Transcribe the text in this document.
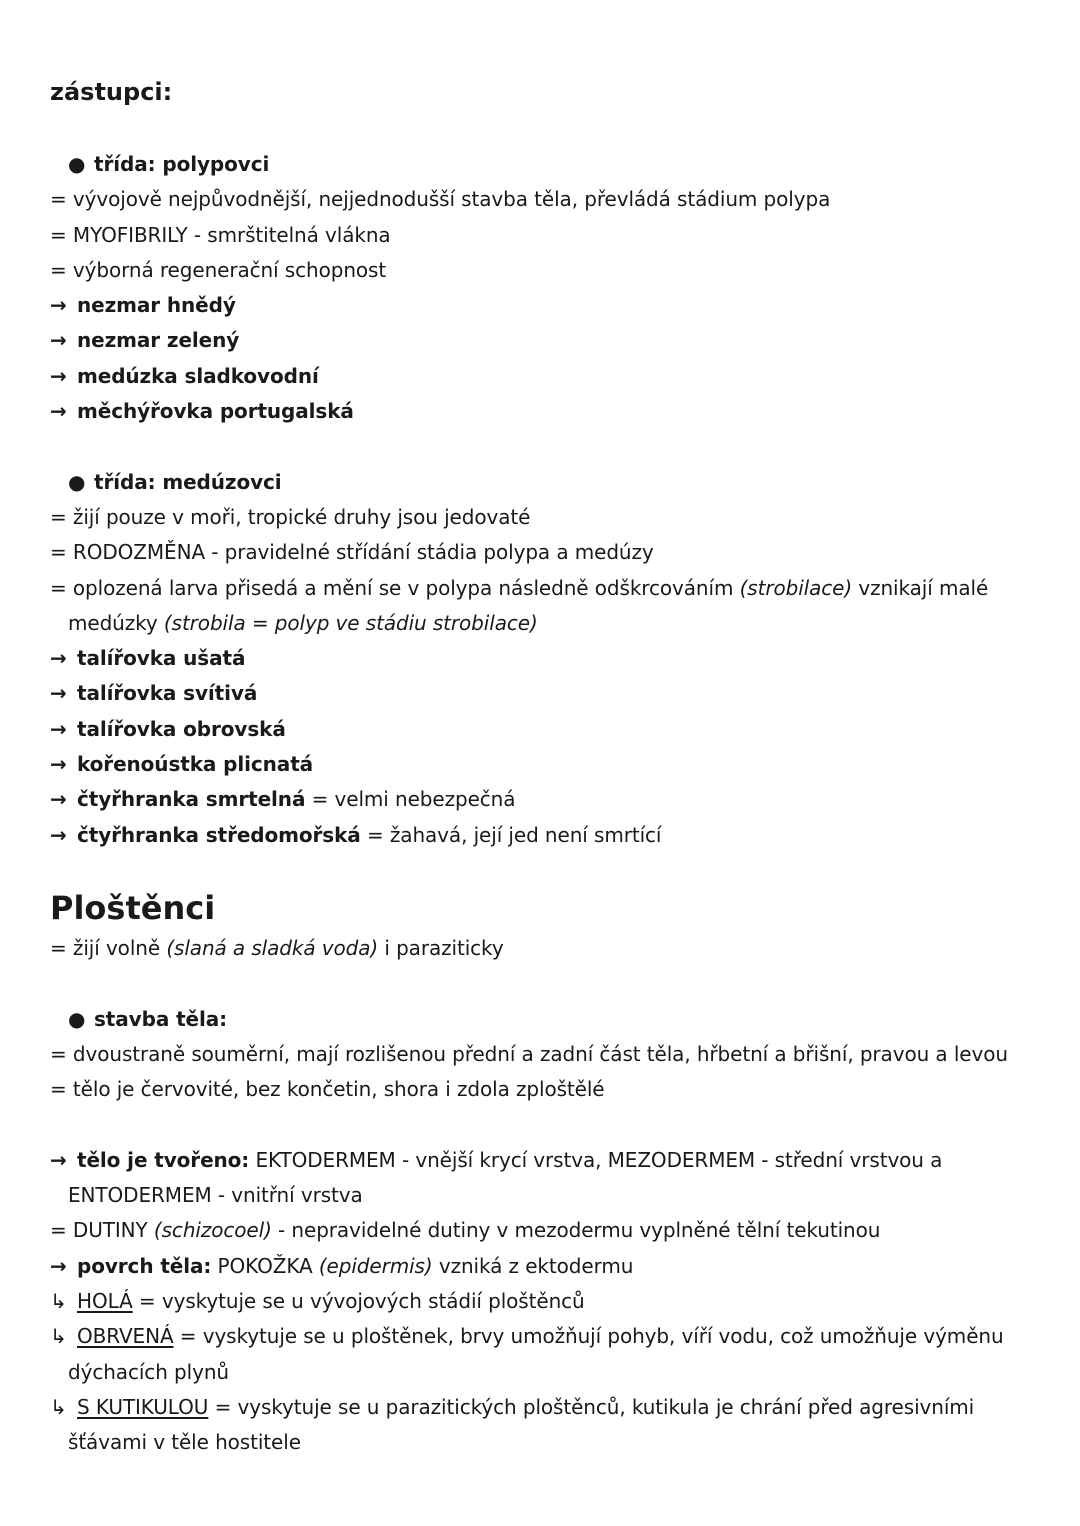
zástupci:
● třída: polypovci
= vývojově nejpůvodnější, nejjednodušší stavba těla, převládá stádium polypa
= MYOFIBRILY - smrštitelná vlákna
= výborná regenerační schopnost
→ nezmar hnědý
→ nezmar zelený
→ medúzka sladkovodní
→ měchýřovka portugalská
● třída: medúzovci
= žijí pouze v moři, tropické druhy jsou jedovaté
= RODOZMĚNA - pravidelné střídání stádia polypa a medúzy
= oplozená larva přisedá a mění se v polypa následně odškrcováním (strobilace) vznikají malé
medúzky (strobila = polyp ve stádiu strobilace)
→ talířovka ušatá
→ talířovka svítivá
→ talířovka obrovská
→ kořenoústka plicnatá
→ čtyřhranka smrtelná = velmi nebezpečná
→ čtyřhranka středomořská = žahavá, její jed není smrtící
Ploštěnci
= žijí volně (slaná a sladká voda) i paraziticky
● stavba těla:
= dvoustraně souměrní, mají rozlišenou přední a zadní část těla, hřbetní a břišní, pravou a levou
= tělo je červovité, bez končetin, shora i zdola zploštělé
→ tělo je tvořeno: EKTODERMEM - vnější krycí vrstva, MEZODERMEM - střední vrstvou a
ENTODERMEM - vnitřní vrstva
= DUTINY (schizocoel) - nepravidelné dutiny v mezodermu vyplněné tělní tekutinou
→ povrch těla: POKOŽKA (epidermis) vzniká z ektodermu
↳ HOLÁ = vyskytuje se u vývojových stádií ploštěnců
↳ OBRVENÁ = vyskytuje se u ploštěnek, brvy umožňují pohyb, víří vodu, což umožňuje výměnu
dýchacích plynů
↳ S KUTIKULOU = vyskytuje se u parazitických ploštěnců, kutikula je chrání před agresivními
šťávami v těle hostitele
